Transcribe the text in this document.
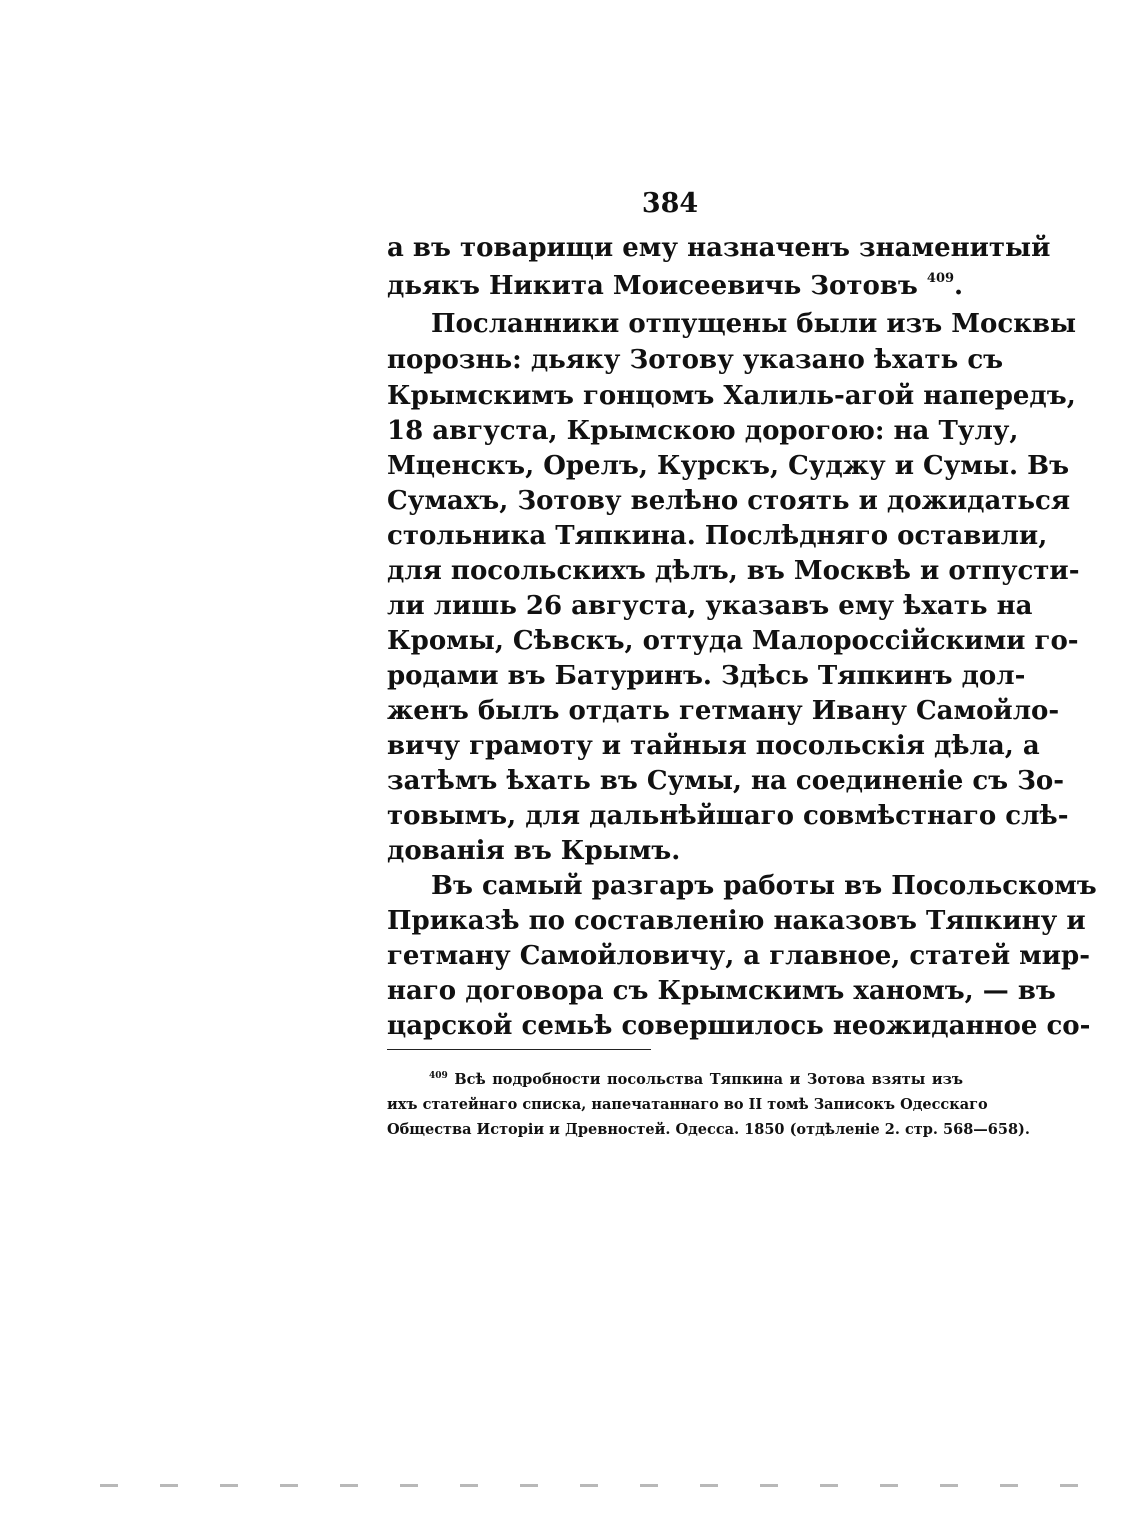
384
а въ товарищи ему назначенъ знаменитый
дьякъ Никита Моисеевичь Зотовъ $^{409}$.
Посланники отпущены были изъ Москвы
порознь: дьяку Зотову указано ѣхать съ
Крымскимъ гонцомъ Халиль-агой напередъ,
18 августа, Крымскою дорогою: на Тулу,
Мценскъ, Орелъ, Курскъ, Суджу и Сумы. Въ
Сумахъ, Зотову велѣно стоять и дожидаться
стольника Тяпкина. Послѣдняго оставили,
для посольскихъ дѣлъ, въ Москвѣ и отпусти-
ли лишь 26 августа, указавъ ему ѣхать на
Кромы, Сѣвскъ, оттуда Малороссійскими го-
родами въ Батуринъ. Здѣсь Тяпкинъ дол-
женъ былъ отдать гетману Ивану Самойло-
вичу грамоту и тайныя посольскія дѣла, а
затѣмъ ѣхать въ Сумы, на соединеніе съ Зо-
товымъ, для дальнѣйшаго совмѣстнаго слѣ-
дованія въ Крымъ.
Въ самый разгаръ работы въ Посольскомъ
Приказѣ по составленію наказовъ Тяпкину и
гетману Самойловичу, а главное, статей мир-
наго договора съ Крымскимъ ханомъ, — въ
царской семьѣ совершилось неожиданное со-
$^{409}$ Всѣ подробности посольства Тяпкина и Зотова взяты изъ
ихъ статейнаго списка, напечатаннаго во II томѣ Записокъ Одесскаго
Общества Исторіи и Древностей. Одесса. 1850 (отдѣленіе 2. стр. 568—658).
